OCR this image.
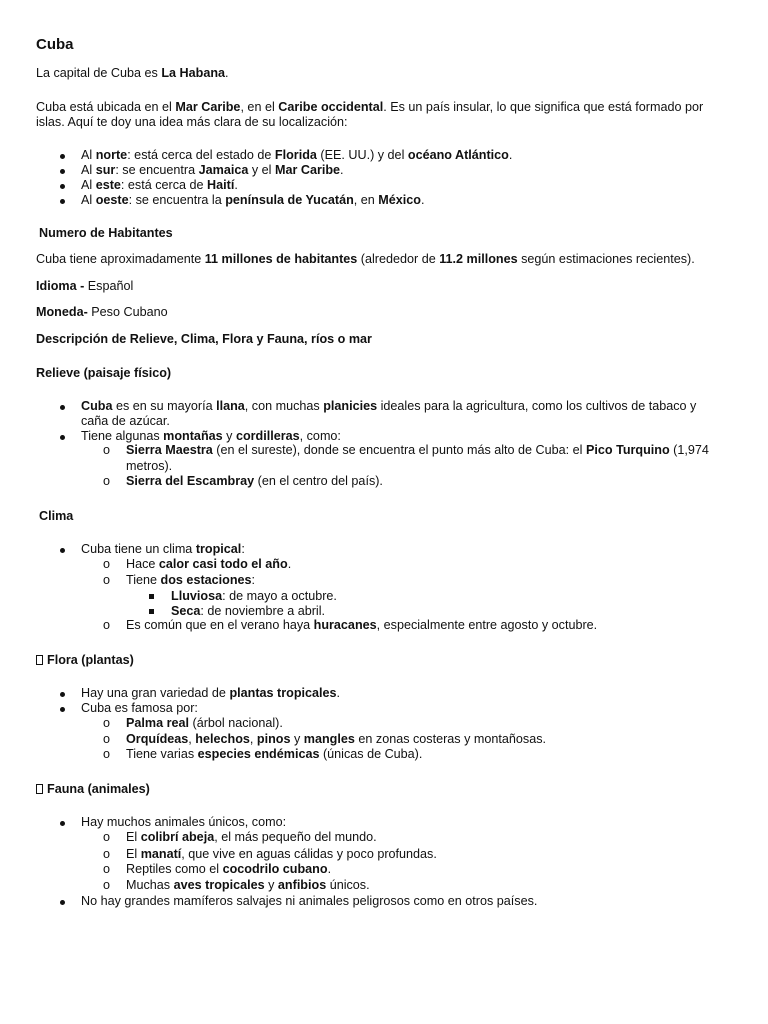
Cuba
La capital de Cuba es La Habana.
Cuba está ubicada en el Mar Caribe, en el Caribe occidental. Es un país insular, lo que significa que está formado por
islas. Aquí te doy una idea más clara de su localización:
Al norte: está cerca del estado de Florida (EE. UU.) y del océano Atlántico.
Al sur: se encuentra Jamaica y el Mar Caribe.
Al este: está cerca de Haití.
Al oeste: se encuentra la península de Yucatán, en México.
Numero de Habitantes
Cuba tiene aproximadamente 11 millones de habitantes (alrededor de 11.2 millones según estimaciones recientes).
Idioma - Español
Moneda- Peso Cubano
Descripción de Relieve, Clima, Flora y Fauna, ríos o mar
Relieve (paisaje físico)
Cuba es en su mayoría llana, con muchas planicies ideales para la agricultura, como los cultivos de tabaco y
caña de azúcar.
Tiene algunas montañas y cordilleras, como:
o Sierra Maestra (en el sureste), donde se encuentra el punto más alto de Cuba: el Pico Turquino (1,974
metros).
o Sierra del Escambray (en el centro del país).
Clima
Cuba tiene un clima tropical:
o Hace calor casi todo el año.
o Tiene dos estaciones:
Lluviosa: de mayo a octubre.
Seca: de noviembre a abril.
o Es común que en el verano haya huracanes, especialmente entre agosto y octubre.
Flora (plantas)
Hay una gran variedad de plantas tropicales.
Cuba es famosa por:
o Palma real (árbol nacional).
o Orquídeas, helechos, pinos y mangles en zonas costeras y montañosas.
o Tiene varias especies endémicas (únicas de Cuba).
Fauna (animales)
Hay muchos animales únicos, como:
o El colibrí abeja, el más pequeño del mundo.
o El manatí, que vive en aguas cálidas y poco profundas.
o Reptiles como el cocodrilo cubano.
o Muchas aves tropicales y anfibios únicos.
No hay grandes mamíferos salvajes ni animales peligrosos como en otros países.
